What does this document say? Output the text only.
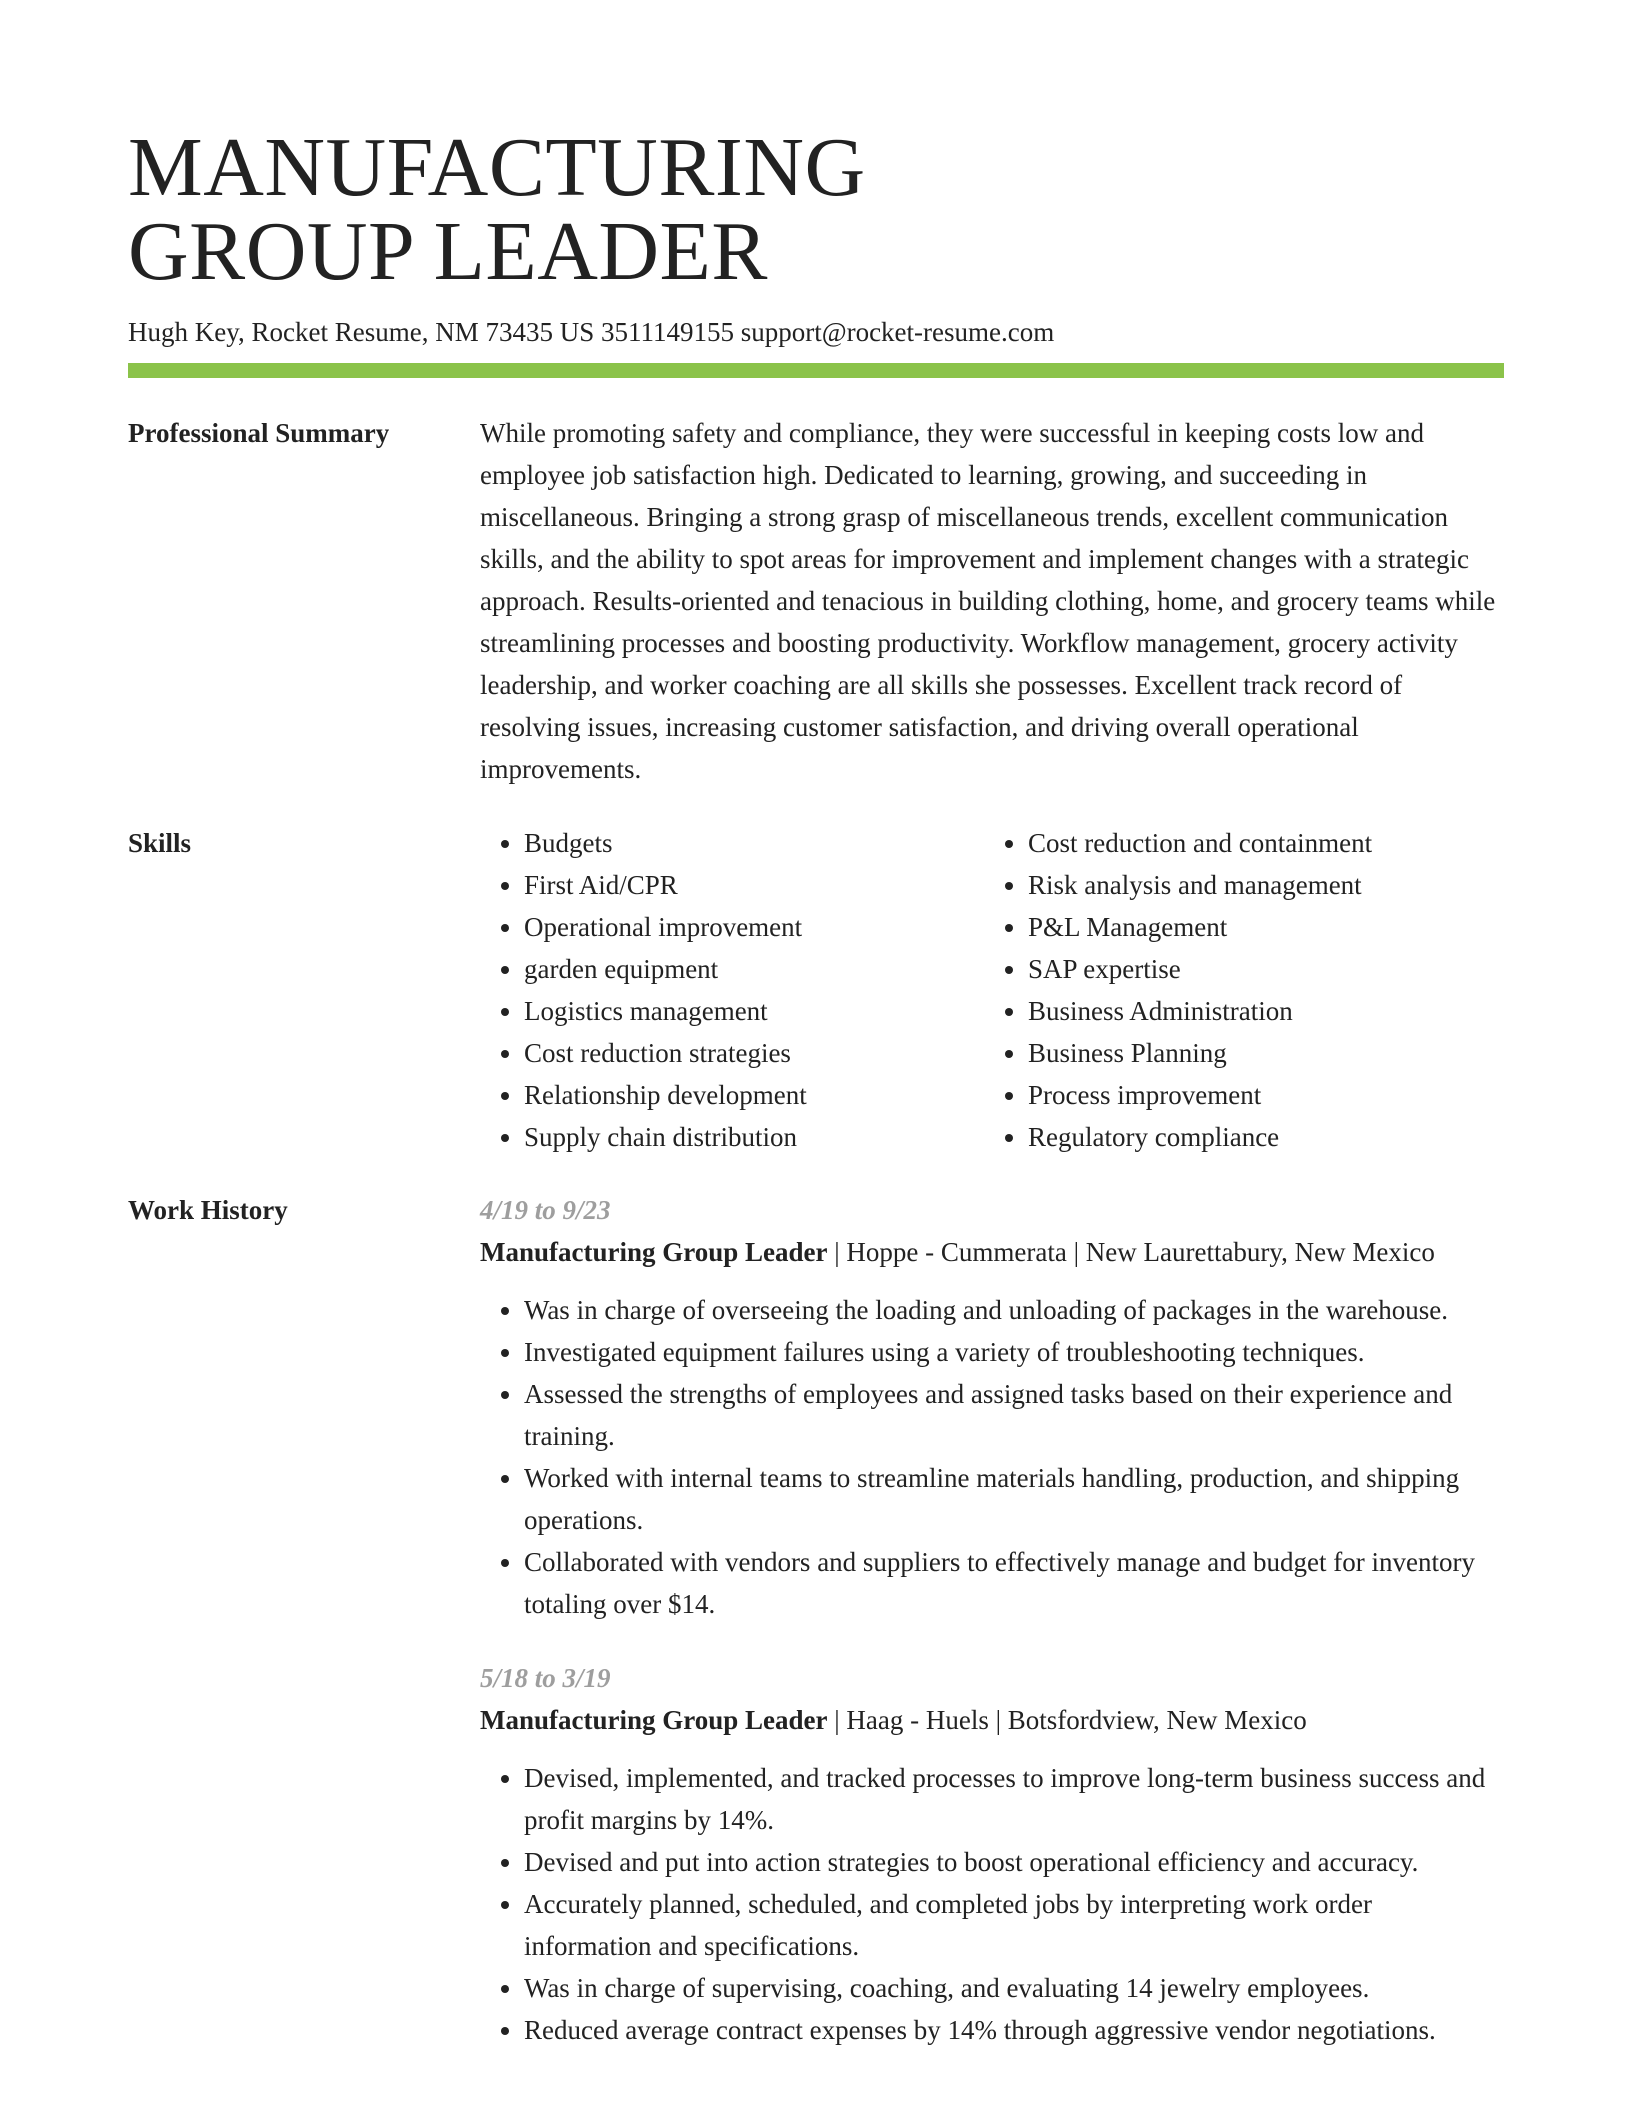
MANUFACTURING
GROUP LEADER
Hugh Key, Rocket Resume, NM 73435 US 3511149155 support@rocket-resume.com
Professional Summary	While promoting safety and compliance, they were successful in keeping costs low and employee job satisfaction high. Dedicated to learning, growing, and succeeding in miscellaneous. Bringing a strong grasp of miscellaneous trends, excellent communication skills, and the ability to spot areas for improvement and implement changes with a strategic approach. Results-oriented and tenacious in building clothing, home, and grocery teams while streamlining processes and boosting productivity. Workflow management, grocery activity leadership, and worker coaching are all skills she possesses. Excellent track record of resolving issues, increasing customer satisfaction, and driving overall operational improvements.

Skills
•	Budgets
• First Aid/CPR
• Operational improvement
• garden equipment
• Logistics management
• Cost reduction strategies
• Relationship development
• Supply chain distribution
• Cost reduction and containment
• Risk analysis and management
• P&L Management
• SAP expertise
• Business Administration
• Business Planning
• Process improvement
• Regulatory compliance
Work History	4/19 to 9/23
Manufacturing Group Leader | Hoppe - Cummerata | New Laurettabury, New Mexico
• Was in charge of overseeing the loading and unloading of packages in the warehouse.
• Investigated equipment failures using a variety of troubleshooting techniques.
• Assessed the strengths of employees and assigned tasks based on their experience and training.
• Worked with internal teams to streamline materials handling, production, and shipping operations.
• Collaborated with vendors and suppliers to effectively manage and budget for inventory totaling over $14.
5/18 to 3/19
Manufacturing Group Leader | Haag - Huels | Botsfordview, New Mexico
• Devised, implemented, and tracked processes to improve long-term business success and profit margins by 14%.
• Devised and put into action strategies to boost operational efficiency and accuracy.
• Accurately planned, scheduled, and completed jobs by interpreting work order information and specifications.
• Was in charge of supervising, coaching, and evaluating 14 jewelry employees.
• Reduced average contract expenses by 14% through aggressive vendor negotiations.
